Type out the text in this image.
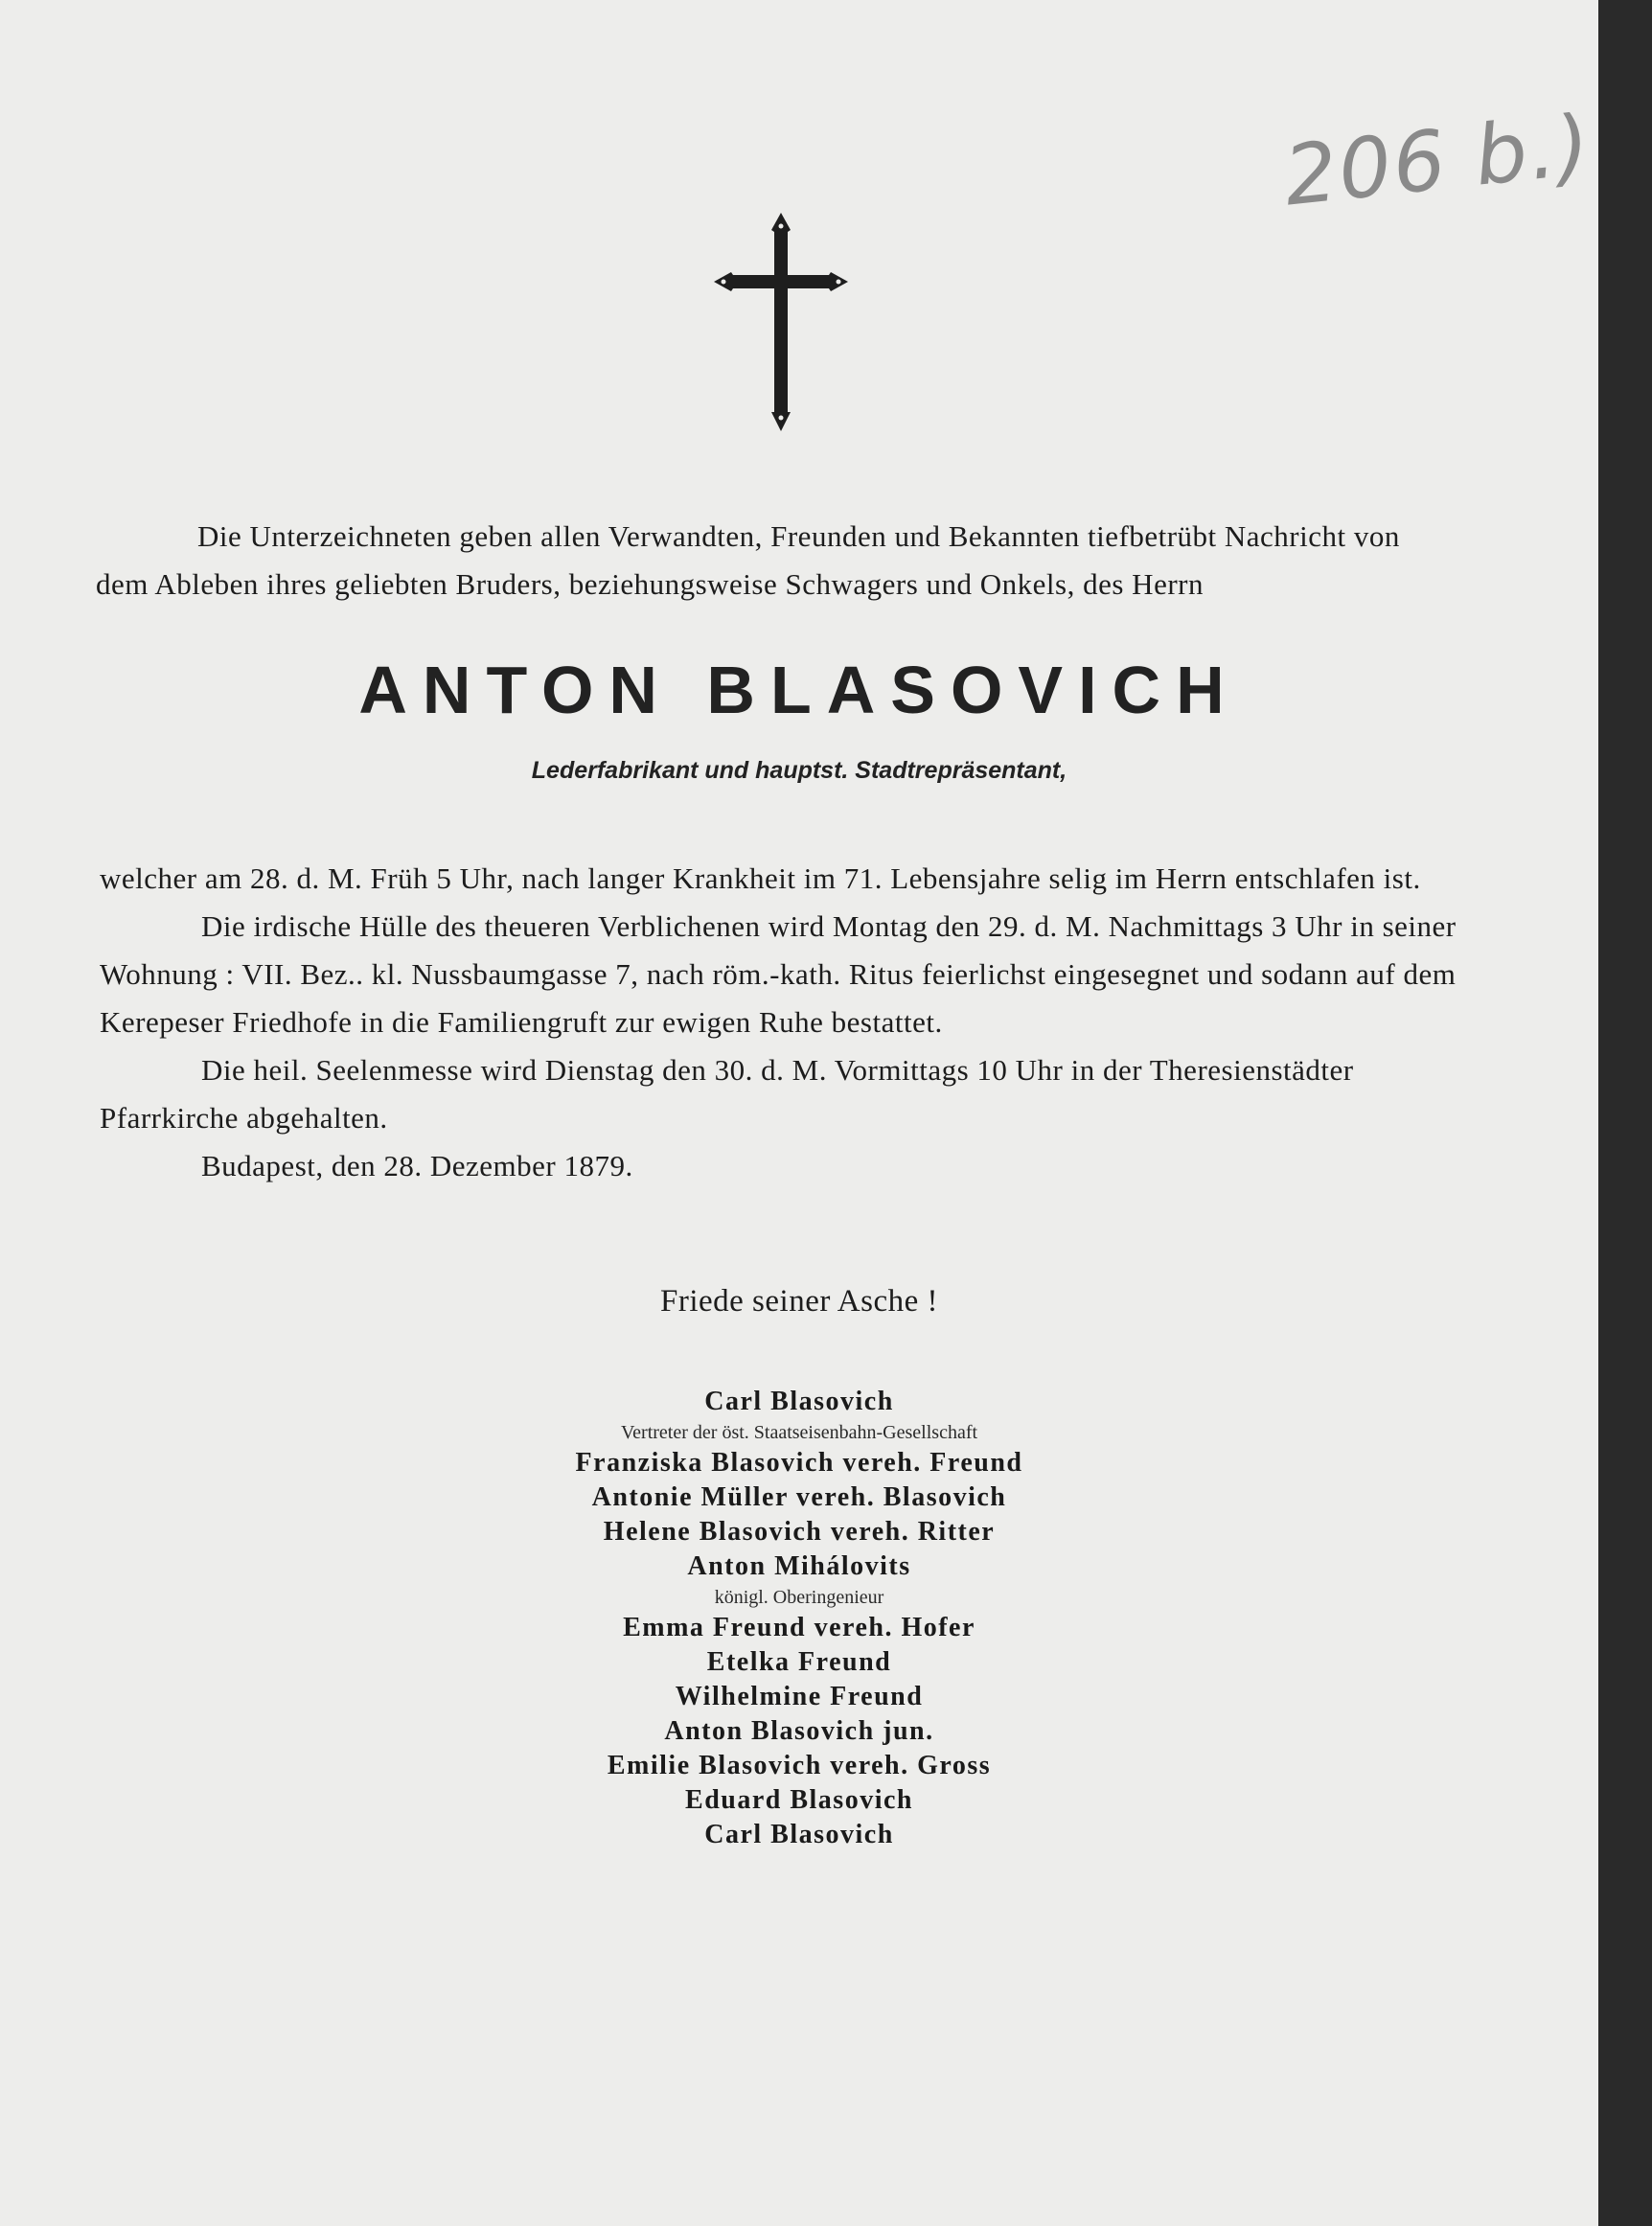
206 b.)

Die Unterzeichneten geben allen Verwandten, Freunden und Bekannten tiefbetrübt Nachricht von dem Ableben ihres geliebten Bruders, beziehungsweise Schwagers und Onkels, des Herrn

ANTON BLASOVICH
Lederfabrikant und hauptst. Stadtrepräsentant,

welcher am 28. d. M. Früh 5 Uhr, nach langer Krankheit im 71. Lebensjahre selig im Herrn entschlafen ist.

Die irdische Hülle des theueren Verblichenen wird Montag den 29. d. M. Nachmittags 3 Uhr in seiner Wohnung : VII. Bez.. kl. Nussbaumgasse 7, nach röm.-kath. Ritus feierlichst eingesegnet und sodann auf dem Kerepeser Friedhofe in die Familiengruft zur ewigen Ruhe bestattet.

Die heil. Seelenmesse wird Dienstag den 30. d. M. Vormittags 10 Uhr in der Theresienstädter Pfarrkirche abgehalten.

Budapest, den 28. Dezember 1879.

Friede seiner Asche !
Carl Blasovich
Vertreter der öst. Staatseisenbahn-Gesellschaft
Franziska Blasovich vereh. Freund
Antonie Müller vereh. Blasovich
Helene Blasovich vereh. Ritter
Anton Mihálovits
königl. Oberingenieur
Emma Freund vereh. Hofer
Etelka Freund
Wilhelmine Freund
Anton Blasovich jun.
Emilie Blasovich vereh. Gross
Eduard Blasovich
Carl Blasovich
